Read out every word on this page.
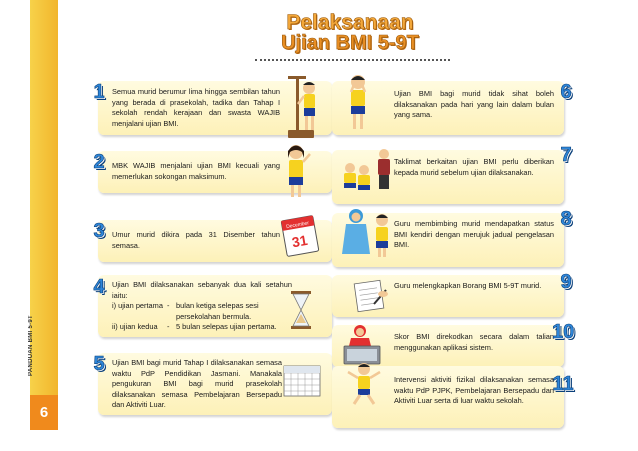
PANDUAN BMI 5-9T
6
Pelaksanaan
Ujian BMI 5-9T
Semua murid berumur lima hingga sembilan tahun yang berada di prasekolah, tadika dan Tahap I sekolah rendah kerajaan dan swasta WAJIB menjalani ujian BMI.
1
MBK WAJIB menjalani ujian BMI kecuali yang memerlukan sokongan maksimum.
2
Umur murid dikira pada 31 Disember tahun semasa.
3	December
31
Ujian BMI dilaksanakan sebanyak dua kali setahun iaitu:
i) ujian pertama - bulan ketiga selepas sesi
persekolahan bermula.
ii) ujian kedua	- 5 bulan selepas ujian pertama.
4
Ujian BMI bagi murid Tahap I dilaksanakan semasa waktu PdP Pendidikan Jasmani. Manakala pengukuran BMI bagi murid prasekolah dilaksanakan semasa Pembelajaran Bersepadu dan Aktiviti Luar.
5
Ujian BMI bagi murid tidak sihat boleh dilaksanakan pada hari yang lain dalam bulan yang sama.
6
Taklimat berkaitan ujian BMI perlu diberikan kepada murid sebelum ujian dilaksanakan.
7
Guru membimbing murid mendapatkan status BMI kendiri dengan merujuk jadual pengelasan BMI.
8
Guru melengkapkan Borang BMI 5-9T murid. 9
Skor BMI direkodkan secara dalam talian menggunakan aplikasi sistem.
10
Intervensi aktiviti fizikal dilaksanakan semasa waktu PdP PJPK, Pembelajaran Bersepadu dan Aktiviti Luar serta di luar waktu sekolah.
11
